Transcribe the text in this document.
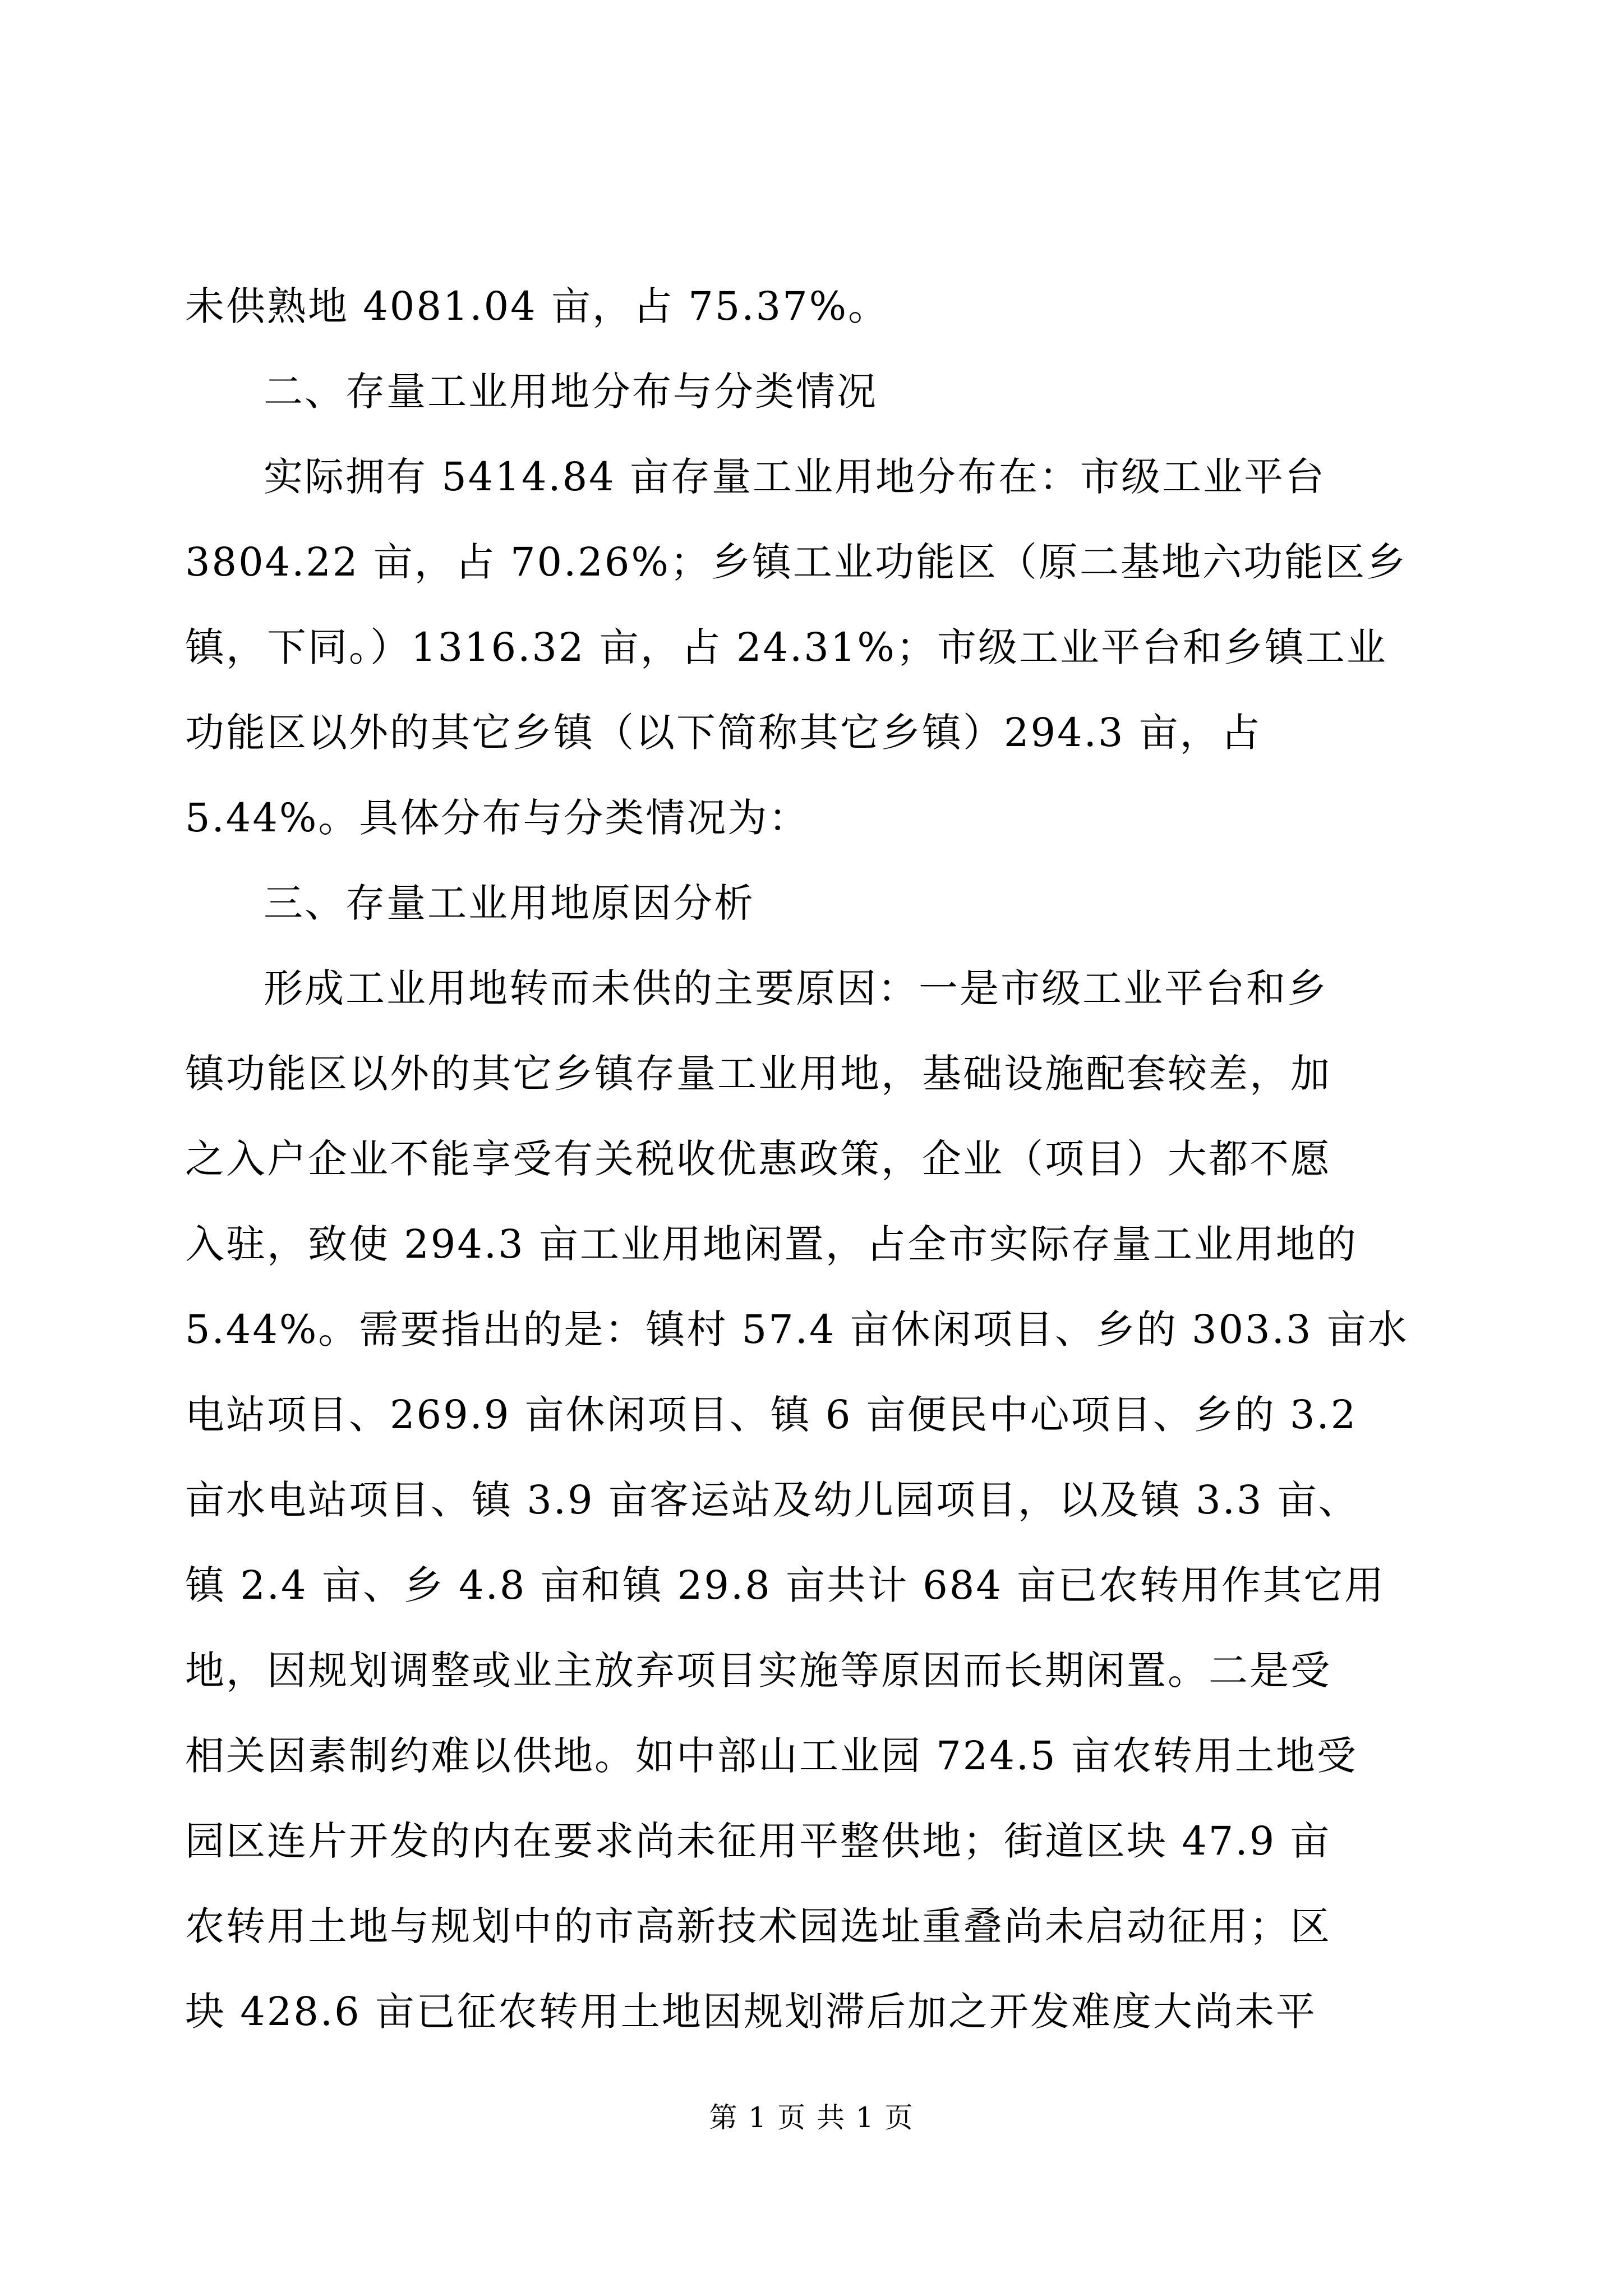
未供熟地 4081.04 亩，占 75.37%。
二、存量工业用地分布与分类情况
实际拥有 5414.84 亩存量工业用地分布在：市级工业平台
3804.22 亩，占 70.26%；乡镇工业功能区（原二基地六功能区乡
镇，下同。）1316.32 亩，占 24.31%；市级工业平台和乡镇工业
功能区以外的其它乡镇（以下简称其它乡镇）294.3 亩，占
5.44%。具体分布与分类情况为：
三、存量工业用地原因分析
形成工业用地转而未供的主要原因：一是市级工业平台和乡
镇功能区以外的其它乡镇存量工业用地，基础设施配套较差，加
之入户企业不能享受有关税收优惠政策，企业（项目）大都不愿
入驻，致使 294.3 亩工业用地闲置，占全市实际存量工业用地的
5.44%。需要指出的是：镇村 57.4 亩休闲项目、乡的 303.3 亩水
电站项目、269.9 亩休闲项目、镇 6 亩便民中心项目、乡的 3.2
亩水电站项目、镇 3.9 亩客运站及幼儿园项目，以及镇 3.3 亩、
镇 2.4 亩、乡 4.8 亩和镇 29.8 亩共计 684 亩已农转用作其它用
地，因规划调整或业主放弃项目实施等原因而长期闲置。二是受
相关因素制约难以供地。如中部山工业园 724.5 亩农转用土地受
园区连片开发的内在要求尚未征用平整供地；街道区块 47.9 亩
农转用土地与规划中的市高新技术园选址重叠尚未启动征用；区
块 428.6 亩已征农转用土地因规划滞后加之开发难度大尚未平
第 1 页 共 1 页
